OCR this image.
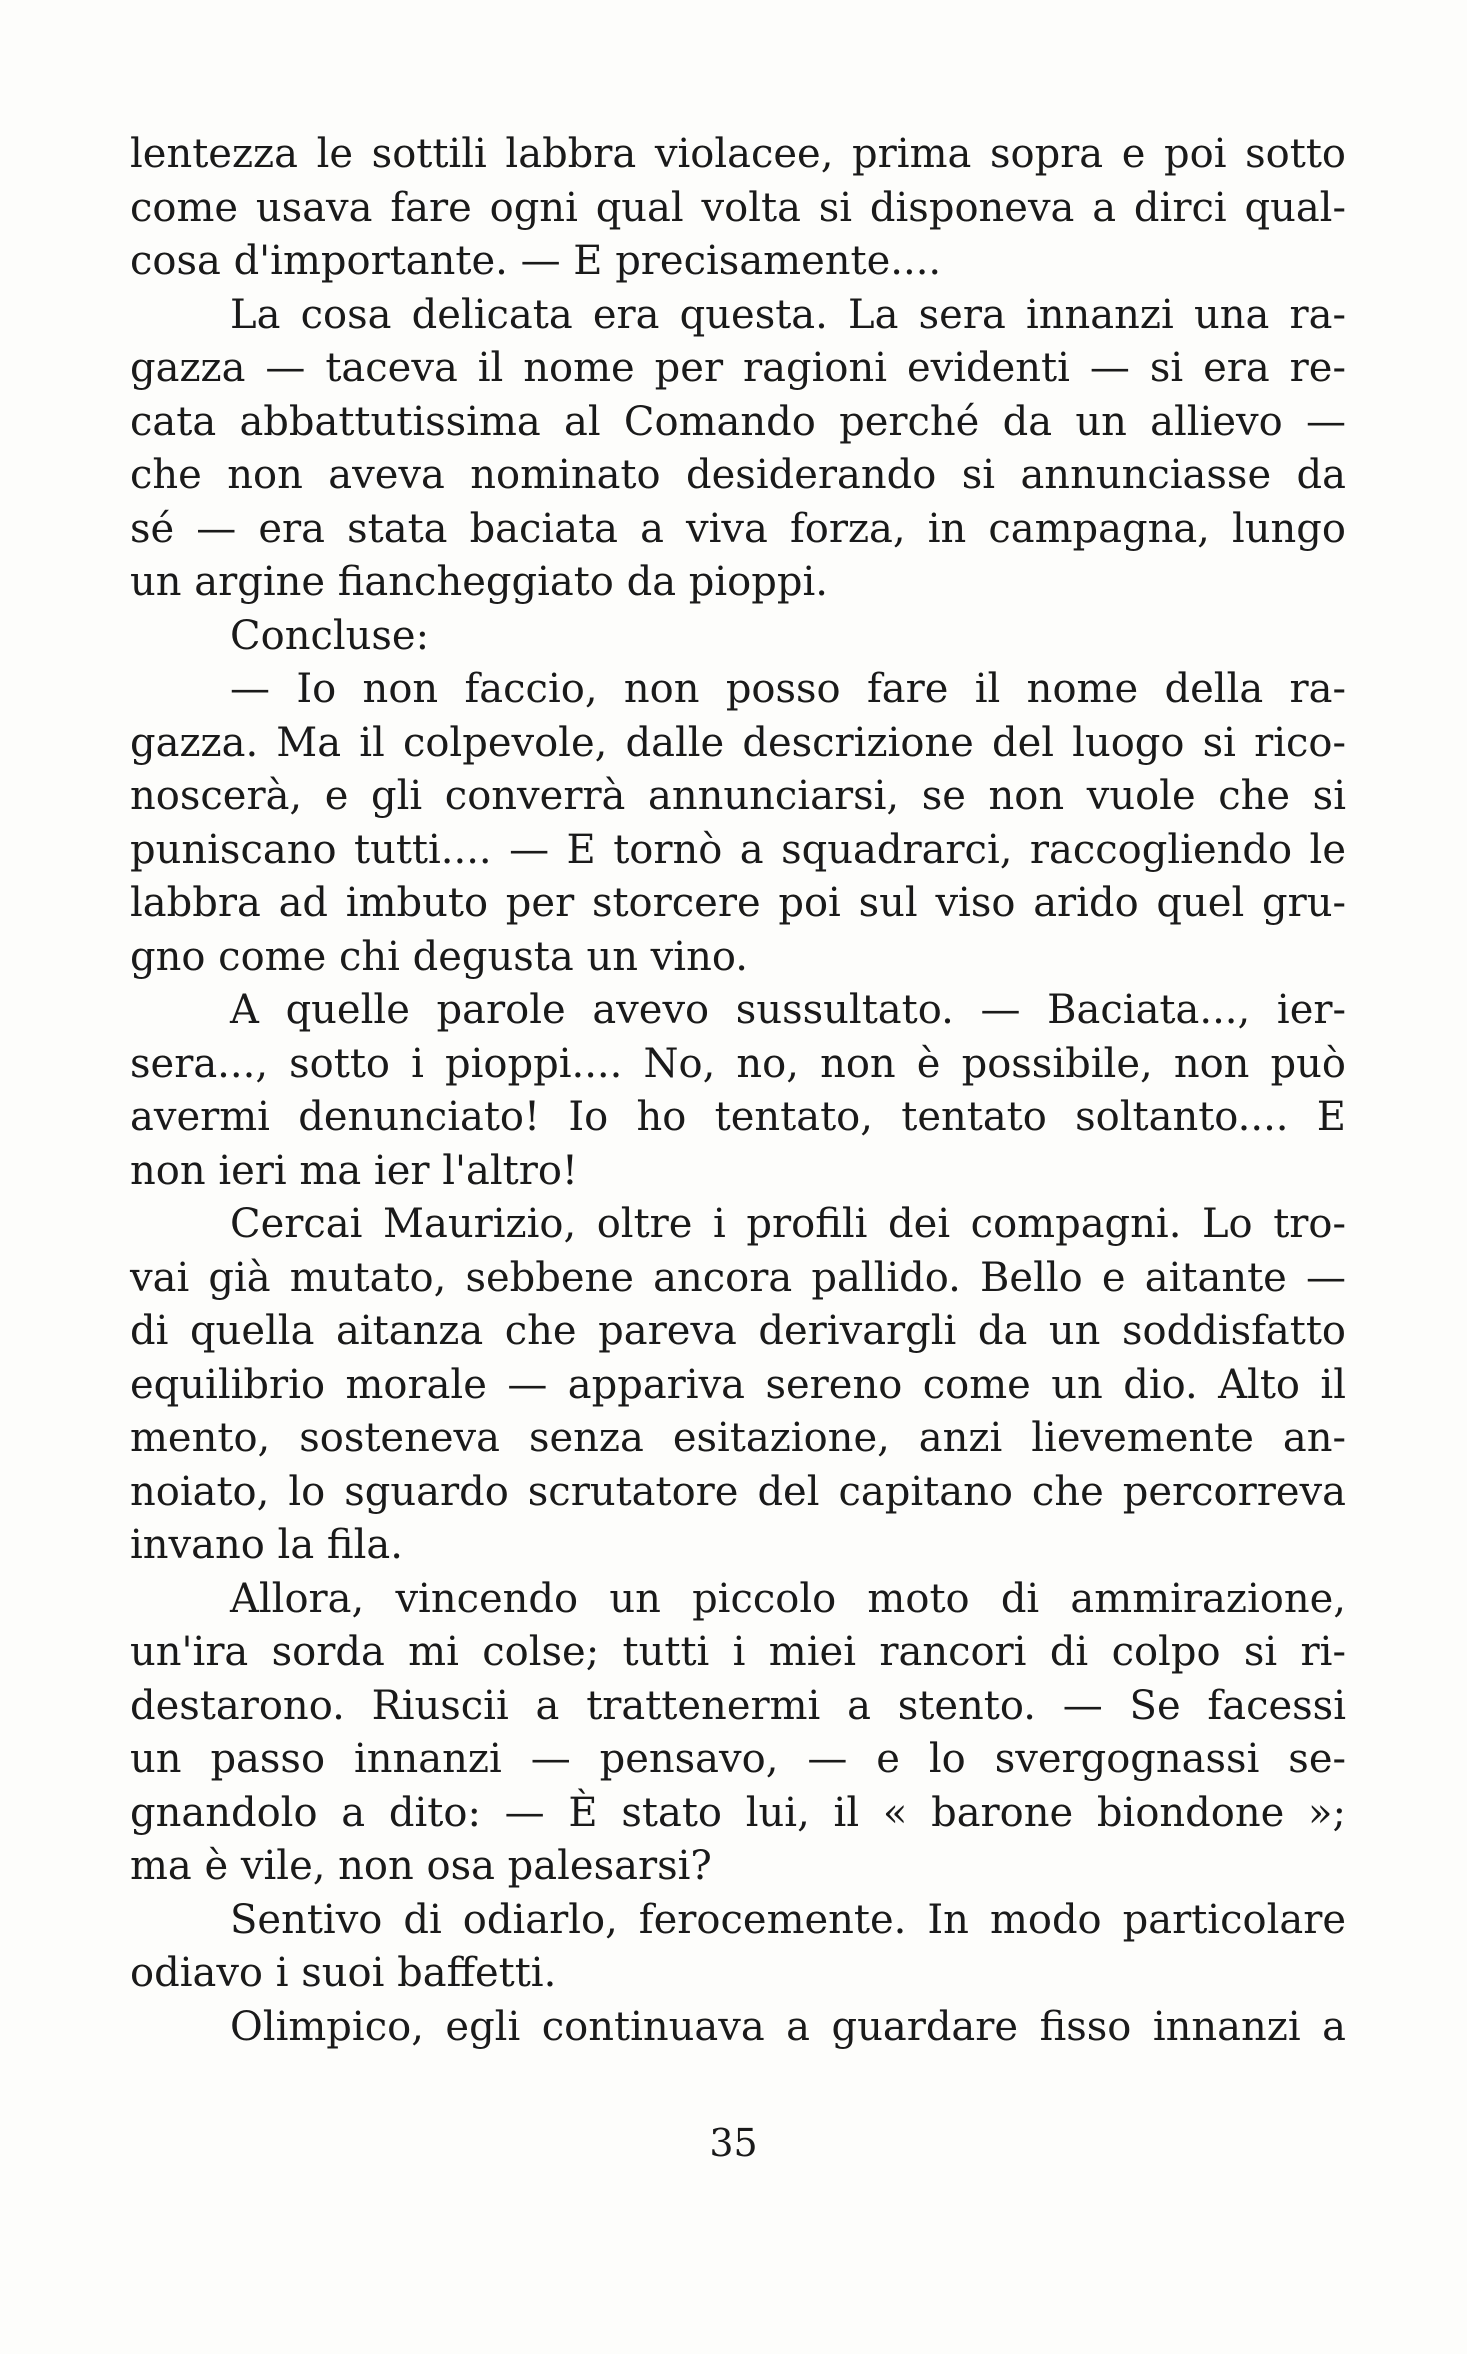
lentezza le sottili labbra violacee, prima sopra e poi sotto
come usava fare ogni qual volta si disponeva a dirci qual-
cosa d'importante. — E precisamente....
La cosa delicata era questa. La sera innanzi una ra-
gazza — taceva il nome per ragioni evidenti — si era re-
cata abbattutissima al Comando perché da un allievo —
che non aveva nominato desiderando si annunciasse da
sé — era stata baciata a viva forza, in campagna, lungo
un argine fiancheggiato da pioppi.
Concluse:
— Io non faccio, non posso fare il nome della ra-
gazza. Ma il colpevole, dalle descrizione del luogo si rico-
noscerà, e gli converrà annunciarsi, se non vuole che si
puniscano tutti.... — E tornò a squadrarci, raccogliendo le
labbra ad imbuto per storcere poi sul viso arido quel gru-
gno come chi degusta un vino.
A quelle parole avevo sussultato. — Baciata..., ier-
sera..., sotto i pioppi.... No, no, non è possibile, non può
avermi denunciato! Io ho tentato, tentato soltanto.... E
non ieri ma ier l'altro!
Cercai Maurizio, oltre i profili dei compagni. Lo tro-
vai già mutato, sebbene ancora pallido. Bello e aitante —
di quella aitanza che pareva derivargli da un soddisfatto
equilibrio morale — appariva sereno come un dio. Alto il
mento, sosteneva senza esitazione, anzi lievemente an-
noiato, lo sguardo scrutatore del capitano che percorreva
invano la fila.
Allora, vincendo un piccolo moto di ammirazione,
un'ira sorda mi colse; tutti i miei rancori di colpo si ri-
destarono. Riuscii a trattenermi a stento. — Se facessi
un passo innanzi — pensavo, — e lo svergognassi se-
gnandolo a dito: — È stato lui, il « barone biondone »;
ma è vile, non osa palesarsi?
Sentivo di odiarlo, ferocemente. In modo particolare
odiavo i suoi baffetti.
Olimpico, egli continuava a guardare fisso innanzi a
35
